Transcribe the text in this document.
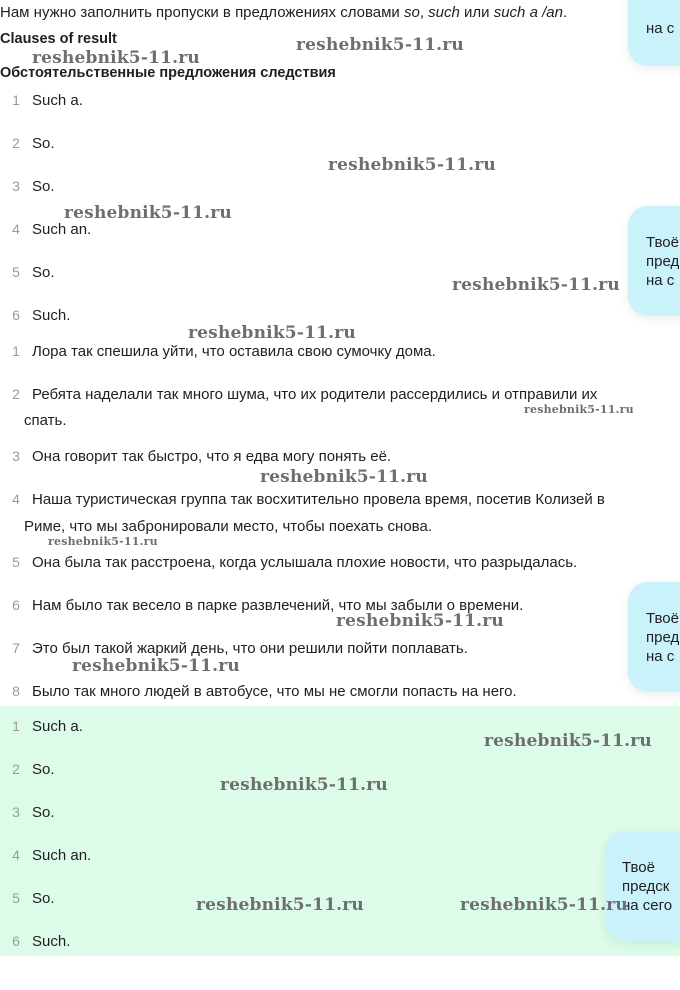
Нам нужно заполнить пропуски в предложениях словами so, such или such a /an.
Clauses of result
Обстоятельственные предложения следствия
1 Such a.
2 So.
3 So.
4 Such an.
5 So.
6 Such.
1 Лора так спешила уйти, что оставила свою сумочку дома.
2 Ребята наделали так много шума, что их родители рассердились и отправили их
спать.
3 Она говорит так быстро, что я едва могу понять её.
4 Наша туристическая группа так восхитительно провела время, посетив Колизей в
Риме, что мы забронировали место, чтобы поехать снова.
5 Она была так расстроена, когда услышала плохие новости, что разрыдалась.
6 Нам было так весело в парке развлечений, что мы забыли о времени.
7 Это был такой жаркий день, что они решили пойти поплавать.
8 Было так много людей в автобусе, что мы не смогли попасть на него.
1 Such a.
2 So.
3 So.
4 Such an.
5 So.
6 Such.
на с
Твоё
пред
на с
Твоё
пред
на с
Твоё
предск
на сего
reshebnik5-11.ru
reshebnik5-11.ru
reshebnik5-11.ru
reshebnik5-11.ru
reshebnik5-11.ru
reshebnik5-11.ru
reshebnik5-11.ru
reshebnik5-11.ru
reshebnik5-11.ru
reshebnik5-11.ru
reshebnik5-11.ru
reshebnik5-11.ru
reshebnik5-11.ru
reshebnik5-11.ru	reshebnik5-11.ru
